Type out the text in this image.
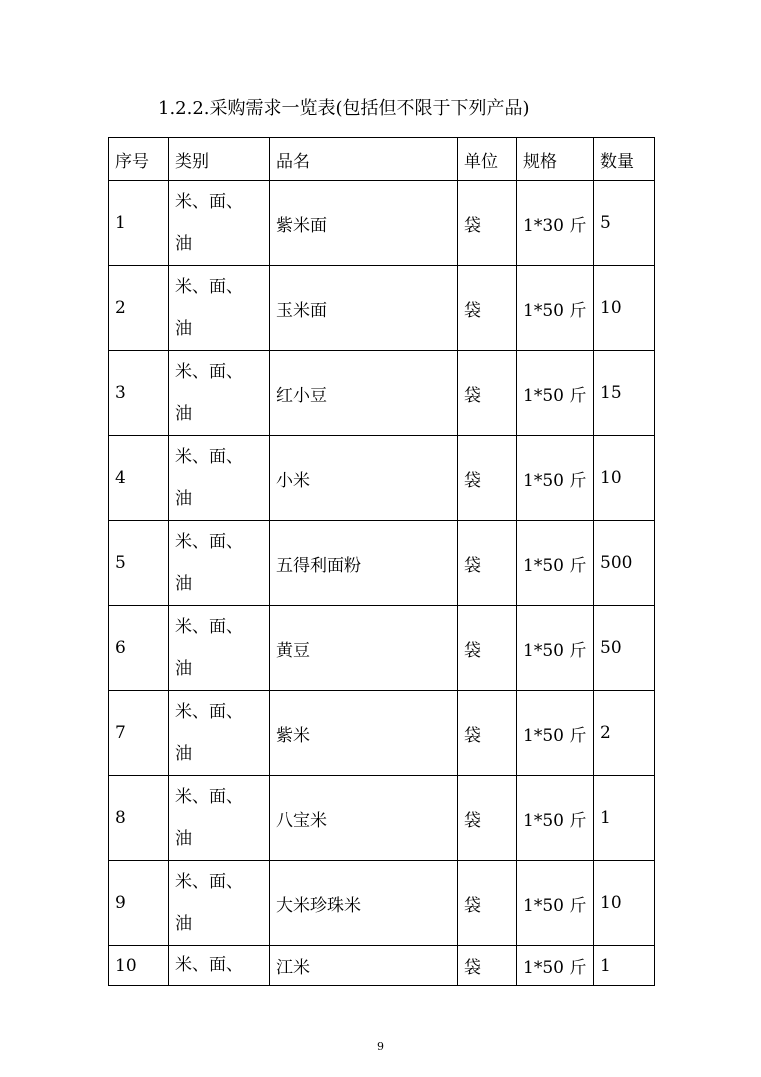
1.2.2.采购需求一览表(包括但不限于下列产品)
序号	类别	品名	单位	规格	数量
1	米、面、油	紫米面	袋	1*30 斤	5
2	米、面、油	玉米面	袋	1*50 斤	10
3	米、面、油	红小豆	袋	1*50 斤	15
4	米、面、油	小米	袋	1*50 斤	10
5	米、面、油	五得利面粉	袋	1*50 斤	500
6	米、面、油	黄豆	袋	1*50 斤	50
7	米、面、油	紫米	袋	1*50 斤	2
8	米、面、油	八宝米	袋	1*50 斤	1
9	米、面、油	大米珍珠米	袋	1*50 斤	10
10	米、面、	江米	袋	1*50 斤	1
9
